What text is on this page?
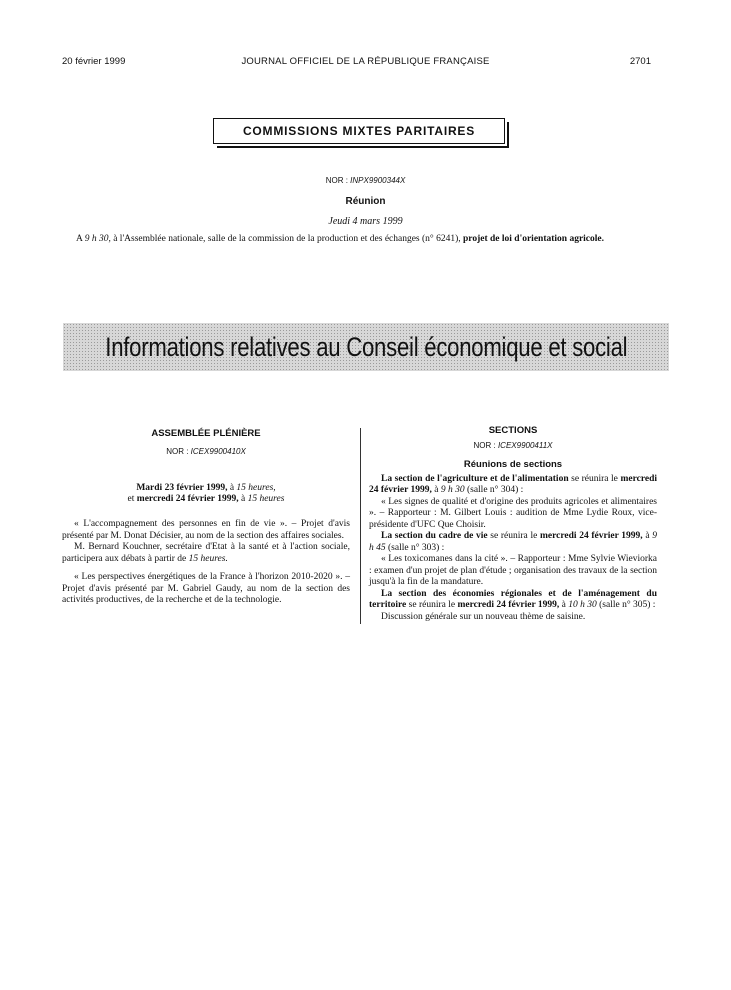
20 février 1999	JOURNAL OFFICIEL DE LA RÉPUBLIQUE FRANÇAISE	2701
COMMISSIONS MIXTES PARITAIRES
NOR : INPX9900344X
Réunion
Jeudi 4 mars 1999
A 9 h 30, à l'Assemblée nationale, salle de la commission de la production et des échanges (n° 6241), projet de loi d'orientation agricole.
Informations relatives au Conseil économique et social
ASSEMBLÉE PLÉNIÈRE
NOR : ICEX9900410X
Mardi 23 février 1999, à 15 heures,
et mercredi 24 février 1999, à 15 heures

« L'accompagnement des personnes en fin de vie ». – Projet d'avis présenté par M. Donat Décisier, au nom de la section des affaires sociales.

M. Bernard Kouchner, secrétaire d'Etat à la santé et à l'action sociale, participera aux débats à partir de 15 heures.

« Les perspectives énergétiques de la France à l'horizon 2010-2020 ». – Projet d'avis présenté par M. Gabriel Gaudy, au nom de la section des activités productives, de la recherche et de la technologie.

SECTIONS
NOR : ICEX9900411X
Réunions de sections

La section de l'agriculture et de l'alimentation se réunira le mercredi 24 février 1999, à 9 h 30 (salle n° 304) :

« Les signes de qualité et d'origine des produits agricoles et alimentaires ». – Rapporteur : M. Gilbert Louis : audition de Mme Lydie Roux, vice-présidente d'UFC Que Choisir.

La section du cadre de vie se réunira le mercredi 24 février 1999, à 9 h 45 (salle n° 303) :

« Les toxicomanes dans la cité ». – Rapporteur : Mme Sylvie Wieviorka : examen d'un projet de plan d'étude ; organisation des travaux de la section jusqu'à la fin de la mandature.

La section des économies régionales et de l'aménagement du territoire se réunira le mercredi 24 février 1999, à 10 h 30 (salle n° 305) :

Discussion générale sur un nouveau thème de saisine.
